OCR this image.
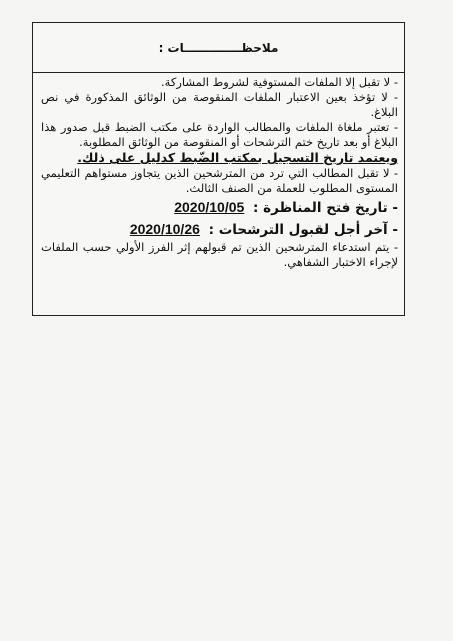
ملاحظــــــــــــــات :

- لا تقبل إلا الملفات المستوفية لشروط المشاركة.

- لا تؤخذ بعين الاعتبار الملفات المنقوصة من الوثائق المذكورة في نص البلاغ.

- تعتبر ملغاة الملفات والمطالب الواردة على مكتب الضبط قبل صدور هذا البلاغ أو بعد تاريخ ختم الترشحات أو المنقوصة من الوثائق المطلوبة.

ويعتمد تاريخ التسجيل بمكتب الضّبط كدليل على ذلك.

- لا تقبل المطالب التي ترد من المترشحين الذين يتجاوز مستواهم التعليمي المستوى المطلوب للعملة من الصنف الثالث.

- تاريخ فتح المناظرة : 2020/10/05

- آخر أجل لقبول الترشحات : 2020/10/26

- يتم استدعاء المترشحين الذين تم قبولهم إثر الفرز الأولي حسب الملفات لإجراء الاختبار الشفاهي.
